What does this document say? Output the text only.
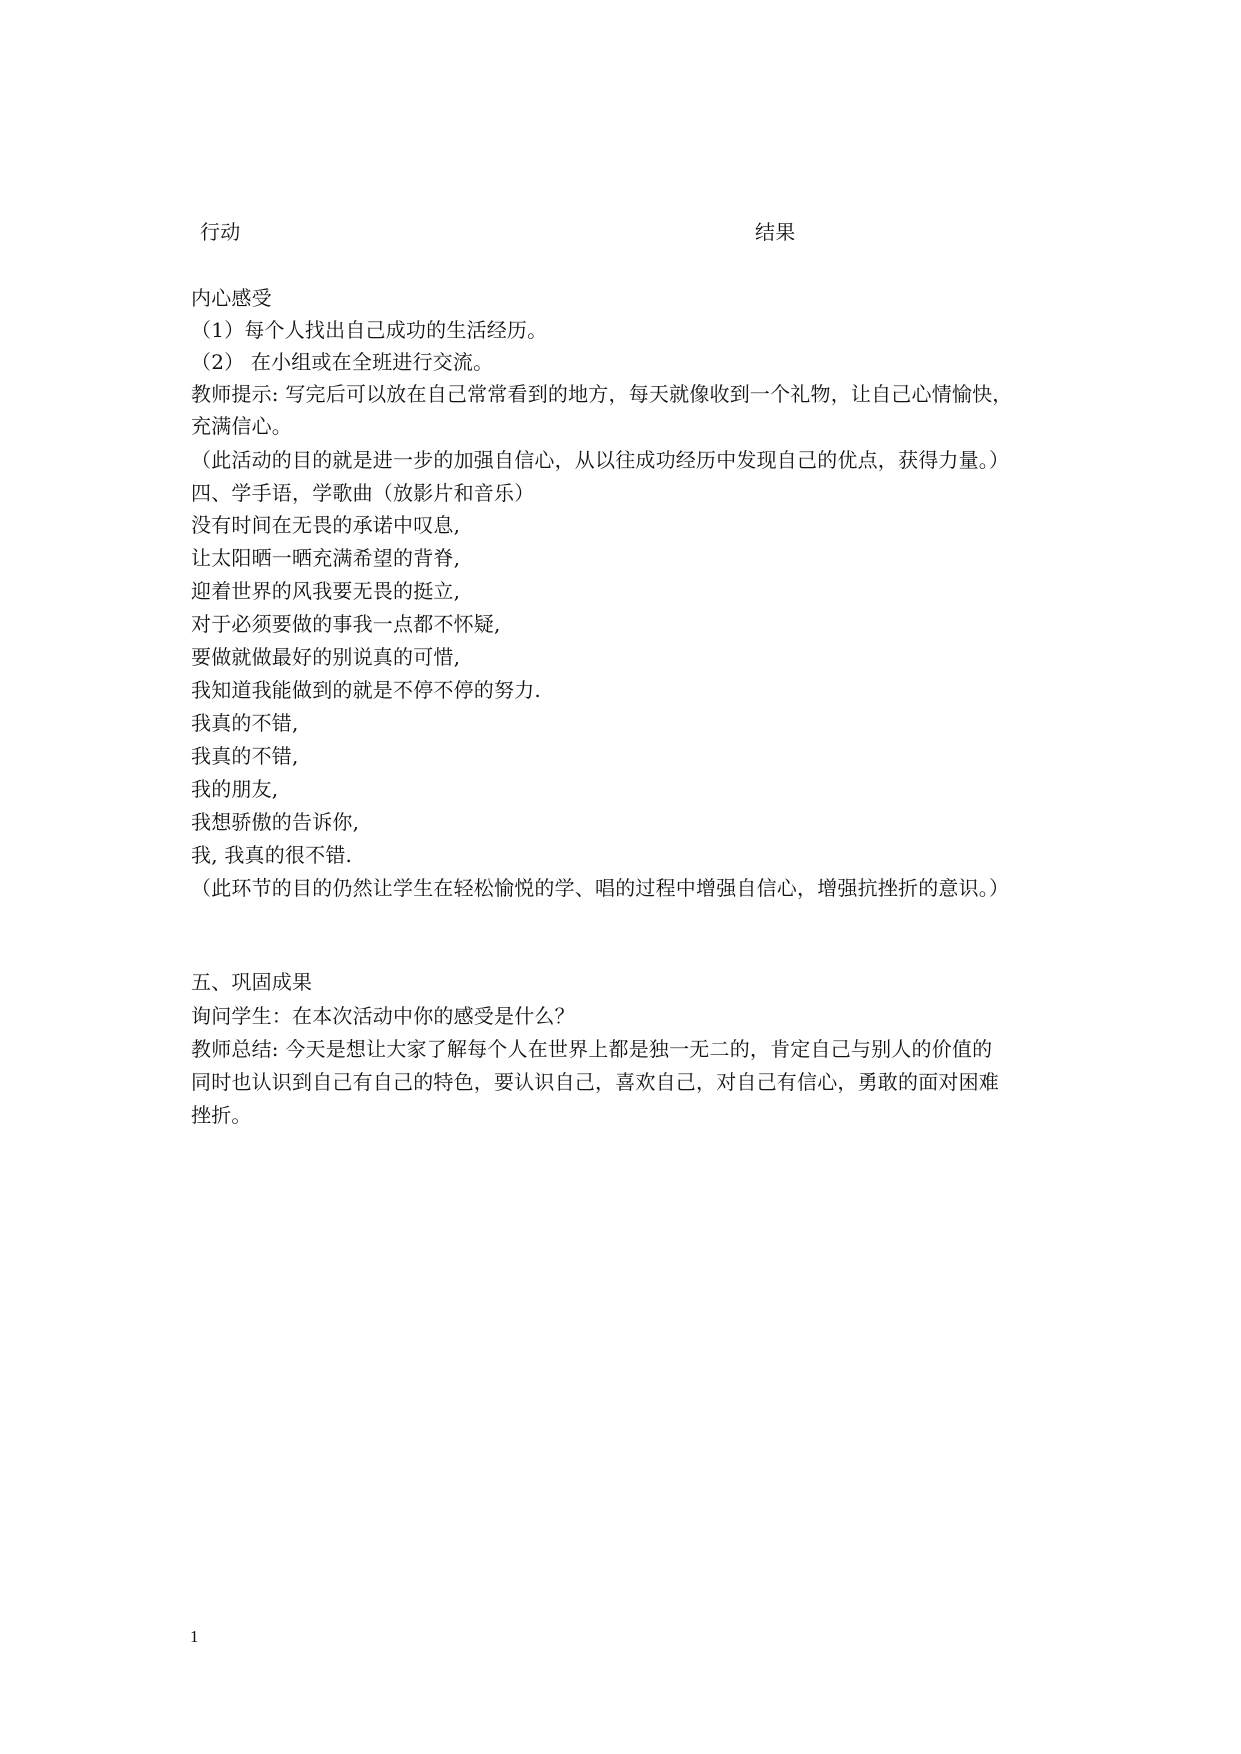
行动	结果
内心感受
（1）每个人找出自己成功的生活经历。
（2） 在小组或在全班进行交流。
教师提示: 写完后可以放在自己常常看到的地方，每天就像收到一个礼物，让自己心情愉快，
充满信心。
（此活动的目的就是进一步的加强自信心，从以往成功经历中发现自己的优点，获得力量。）
四、学手语，学歌曲（放影片和音乐）
没有时间在无畏的承诺中叹息,
让太阳晒一晒充满希望的背脊,
迎着世界的风我要无畏的挺立,
对于必须要做的事我一点都不怀疑,
要做就做最好的别说真的可惜,
我知道我能做到的就是不停不停的努力.
我真的不错,
我真的不错,
我的朋友,
我想骄傲的告诉你,
我, 我真的很不错.
（此环节的目的仍然让学生在轻松愉悦的学、唱的过程中增强自信心，增强抗挫折的意识。）
五、巩固成果
询问学生：在本次活动中你的感受是什么？
教师总结: 今天是想让大家了解每个人在世界上都是独一无二的，肯定自己与别人的价值的
同时也认识到自己有自己的特色，要认识自己，喜欢自己，对自己有信心，勇敢的面对困难
挫折。
1
